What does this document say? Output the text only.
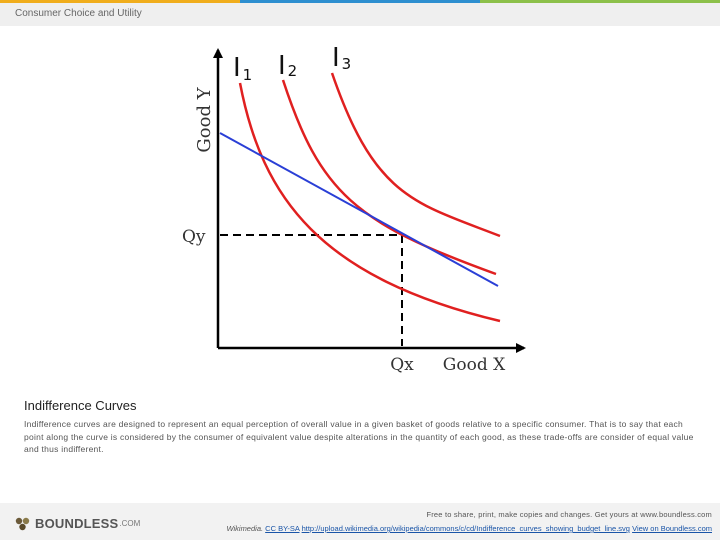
Consumer Choice and Utility
Good Y
Good X
Qy
Qx
I 1 I 2 I 3
Indifference Curves
Indifference curves are designed to represent an equal perception of overall value in a given basket of goods relative to a specific consumer. That is to say that each point along the curve is considered by the consumer of equivalent value despite alterations in the quantity of each good, as these trade-offs are consider of equal value and thus indifferent.
BOUNDLESS .COM
Free to share, print, make copies and changes. Get yours at www.boundless.com
Wikimedia. CC BY-SA http://upload.wikimedia.org/wikipedia/commons/c/cd/Indifference_curves_showing_budget_line.svg View on Boundless.com
